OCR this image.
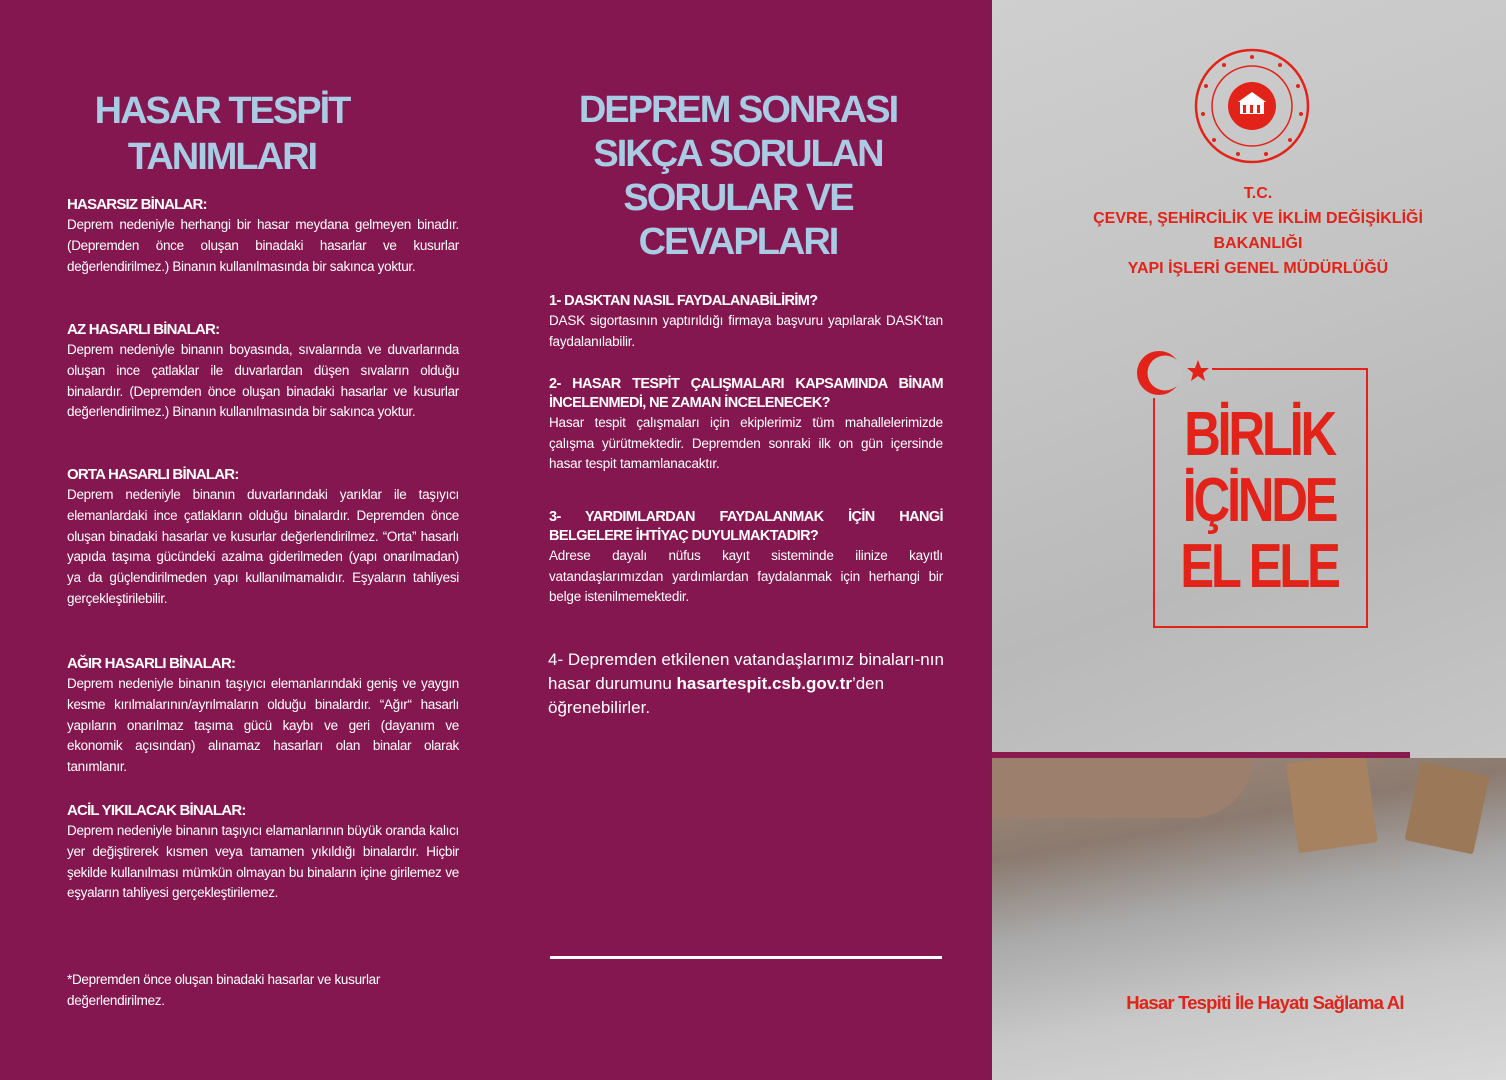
HASAR TESPİT
TANIMLARI
HASARSIZ BİNALAR:
Deprem nedeniyle herhangi bir hasar meydana gelmeyen binadır. (Depremden önce oluşan binadaki hasarlar ve kusurlar değerlendirilmez.) Binanın kullanılmasında bir sakınca yoktur.
AZ HASARLI BİNALAR:
Deprem nedeniyle binanın boyasında, sıvalarında ve duvarlarında oluşan ince çatlaklar ile duvarlardan düşen sıvaların olduğu binalardır. (Depremden önce oluşan binadaki hasarlar ve kusurlar değerlendirilmez.) Binanın kullanılmasında bir sakınca yoktur.
ORTA HASARLI BİNALAR:
Deprem nedeniyle binanın duvarlarındaki yarıklar ile taşıyıcı elemanlardaki ince çatlakların olduğu binalardır. Depremden önce oluşan binadaki hasarlar ve kusurlar değerlendirilmez. “Orta” hasarlı yapıda taşıma gücündeki azalma giderilmeden (yapı onarılmadan) ya da güçlendirilmeden yapı kullanılmamalıdır. Eşyaların tahliyesi gerçekleştirilebilir.
AĞIR HASARLI BİNALAR:
Deprem nedeniyle binanın taşıyıcı elemanlarındaki geniş ve yaygın kesme kırılmalarının/ayrılmaların olduğu binalardır. “Ağır“ hasarlı yapıların onarılmaz taşıma gücü kaybı ve geri (dayanım ve ekonomik açısından) alınamaz hasarları olan binalar olarak tanımlanır.
ACİL YIKILACAK BİNALAR:
Deprem nedeniyle binanın taşıyıcı elamanlarının büyük oranda kalıcı yer değiştirerek kısmen veya tamamen yıkıldığı binalardır. Hiçbir şekilde kullanılması mümkün olmayan bu binaların içine girilemez ve eşyaların tahliyesi gerçekleştirilemez.
*Depremden önce oluşan binadaki hasarlar ve kusurlar değerlendirilmez.
DEPREM SONRASI
SIKÇA SORULAN
SORULAR VE
CEVAPLARI
1- DASKTAN NASIL FAYDALANABİLİRİM?
DASK sigortasının yaptırıldığı firmaya başvuru yapılarak DASK’tan faydalanılabilir.
2- HASAR TESPİT ÇALIŞMALARI KAPSAMINDA BİNAM İNCELENMEDİ, NE ZAMAN İNCELENECEK?
Hasar tespit çalışmaları için ekiplerimiz tüm mahallelerimizde çalışma yürütmektedir. Depremden sonraki ilk on gün içersinde hasar tespit tamamlanacaktır.
3- YARDIMLARDAN FAYDALANMAK İÇİN HANGİ BELGELERE İHTİYAÇ DUYULMAKTADIR?
Adrese dayalı nüfus kayıt sisteminde ilinize kayıtlı vatandaşlarımızdan yardımlardan faydalanmak için herhangi bir belge istenilmemektedir.
4- Depremden etkilenen vatandaşlarımız binaları-nın hasar durumunu hasartespit.csb.gov.tr’den öğrenebilirler.
T.C.
ÇEVRE, ŞEHİRCİLİK VE İKLİM DEĞİŞİKLİĞİ
BAKANLIĞI
YAPI İŞLERİ GENEL MÜDÜRLÜĞÜ
BİRLİK
İÇİNDE
EL ELE
Hasar Tespiti İle Hayatı Sağlama Al
